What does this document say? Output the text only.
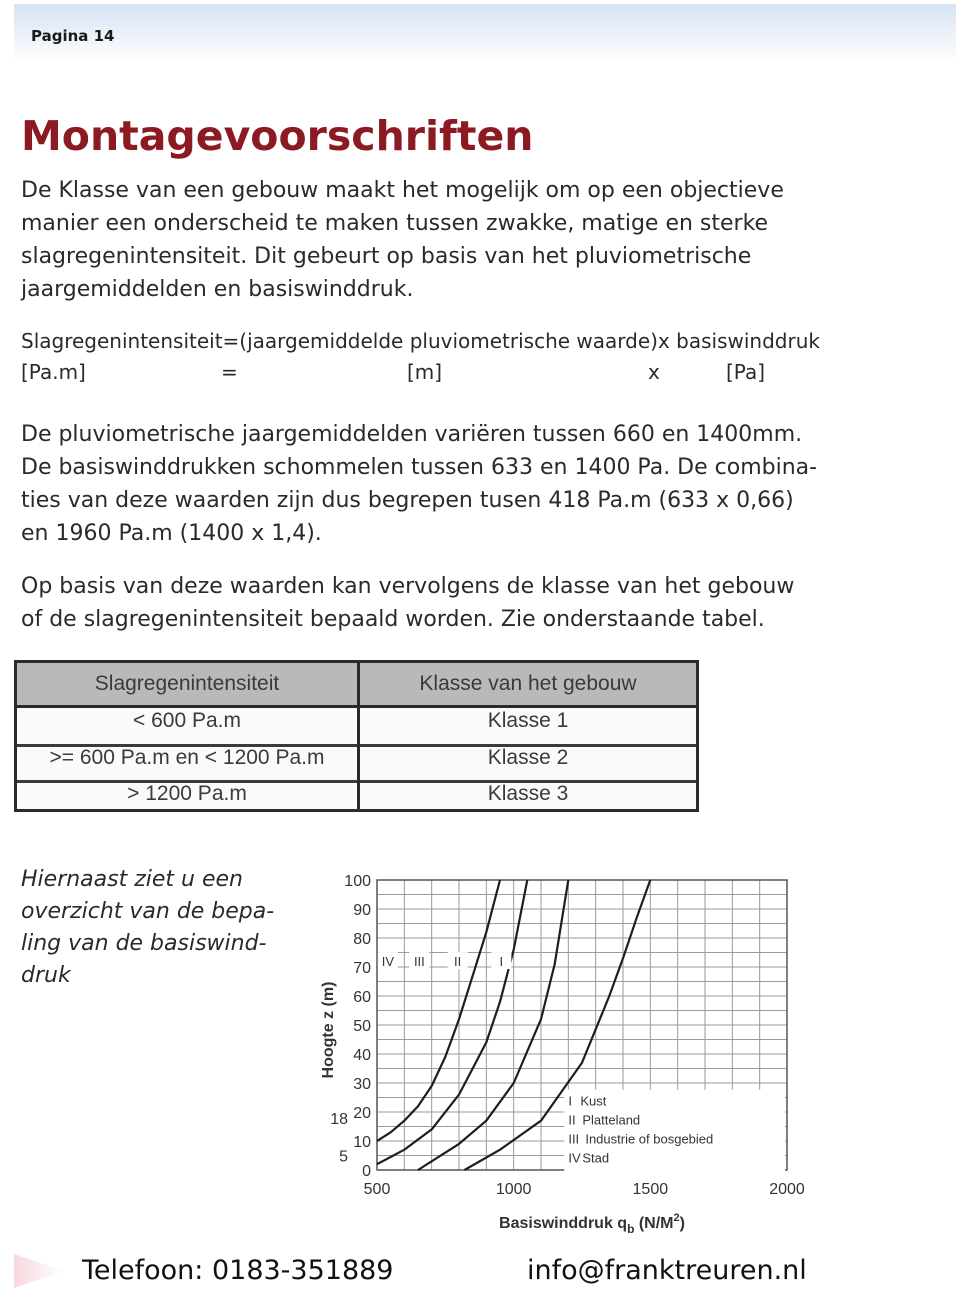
Pagina 14
Montagevoorschriften
De Klasse van een gebouw maakt het mogelijk om op een objectieve
manier een onderscheid te maken tussen zwakke, matige en sterke
slagregenintensiteit. Dit gebeurt op basis van het pluviometrische
jaargemiddelden en basiswinddruk.
Slagregenintensiteit=(jaargemiddelde pluviometrische waarde)x basiswinddruk
[Pa.m]	=	[m]	x	[Pa]
De pluviometrische jaargemiddelden variëren tussen 660 en 1400mm.
De basiswinddrukken schommelen tussen 633 en 1400 Pa. De combina-
ties van deze waarden zijn dus begrepen tusen 418 Pa.m (633 x 0,66)
en 1960 Pa.m (1400 x 1,4).
Op basis van deze waarden kan vervolgens de klasse van het gebouw
of de slagregenintensiteit bepaald worden. Zie onderstaande tabel.
Slagregenintensiteit	Klasse van het gebouw
< 600 Pa.m	Klasse 1
>= 600 Pa.m en < 1200 Pa.m	Klasse 2
> 1200 Pa.m	Klasse 3
Hiernaast ziet u een
overzicht van de bepa-
ling van de basiswind-
druk
0
10
20
30
40
50
60
70
80
90
100
5
18
500	1000	1500	2000
Hoogte z (m)
Basiswinddruk $q_b$ $(N/M^2)$
IV III II	I
I Kust
II Platteland
III Industrie of bosgebied
IV Stad
Telefoon: 0183-351889	info@franktreuren.nl
